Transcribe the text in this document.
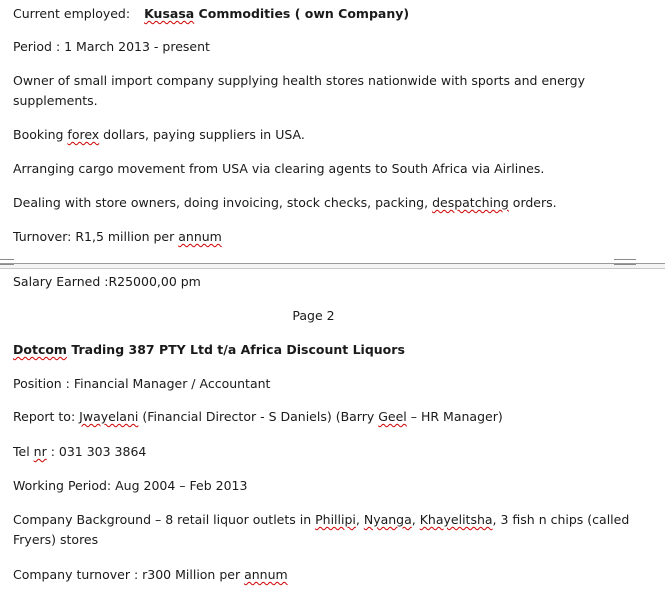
Current employed: Kusasa Commodities ( own Company)
Period : 1 March 2013 - present
Owner of small import company supplying health stores nationwide with sports and energy
supplements.
Booking forex dollars, paying suppliers in USA.
Arranging cargo movement from USA via clearing agents to South Africa via Airlines.
Dealing with store owners, doing invoicing, stock checks, packing, despatching orders.
Turnover: R1,5 million per annum
Salary Earned :R25000,00 pm
Page 2
Dotcom Trading 387 PTY Ltd t/a Africa Discount Liquors
Position : Financial Manager / Accountant
Report to: Jwayelani (Financial Director - S Daniels) (Barry Geel – HR Manager)
Tel nr : 031 303 3864
Working Period: Aug 2004 – Feb 2013
Company Background – 8 retail liquor outlets in Phillipi, Nyanga, Khayelitsha, 3 fish n chips (called
Fryers) stores
Company turnover : r300 Million per annum
